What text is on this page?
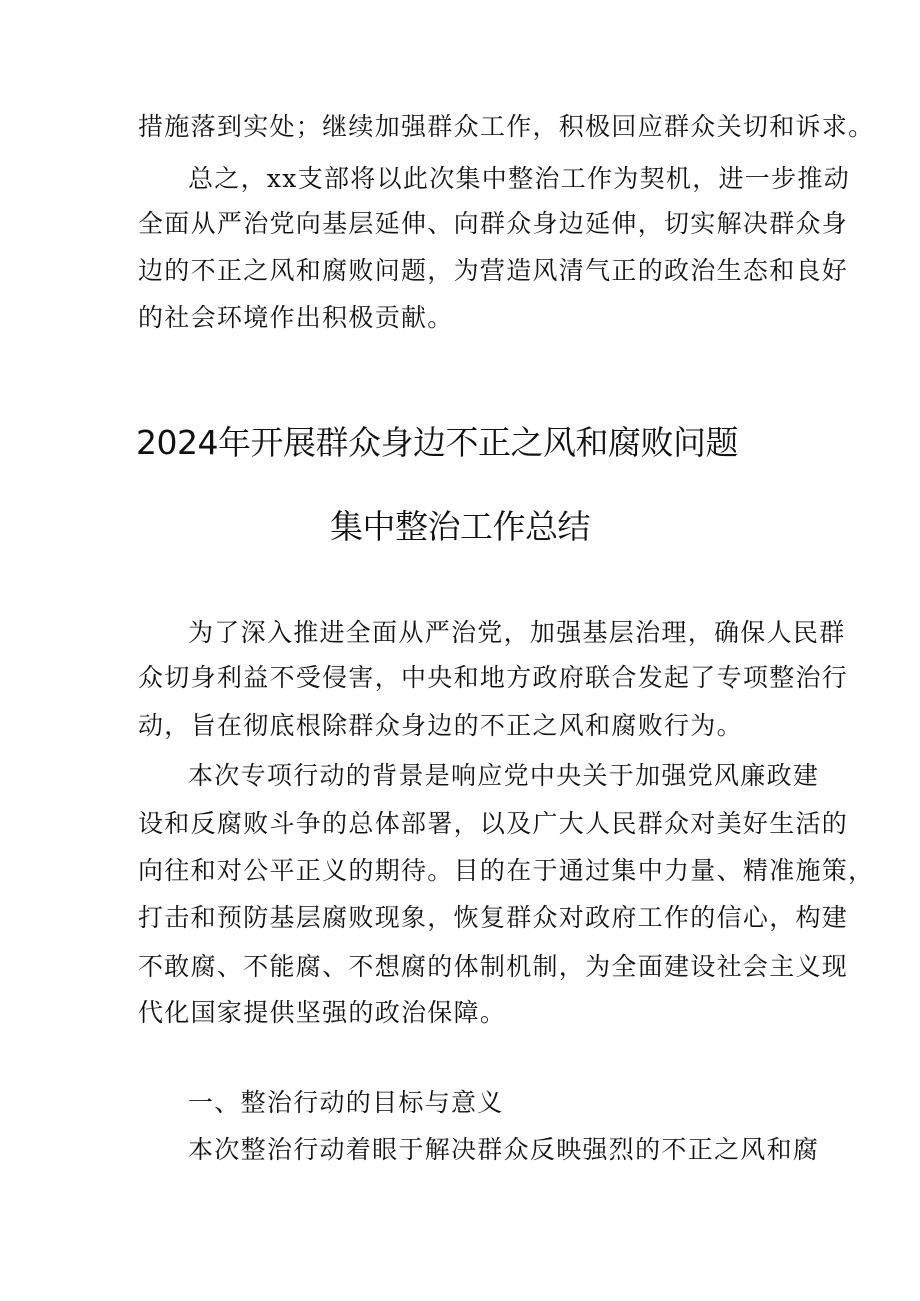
措施落到实处；继续加强群众工作，积极回应群众关切和诉求。
总之，xx支部将以此次集中整治工作为契机，进一步推动
全面从严治党向基层延伸、向群众身边延伸，切实解决群众身
边的不正之风和腐败问题，为营造风清气正的政治生态和良好
的社会环境作出积极贡献。
2024年开展群众身边不正之风和腐败问题
集中整治工作总结
为了深入推进全面从严治党，加强基层治理，确保人民群
众切身利益不受侵害，中央和地方政府联合发起了专项整治行
动，旨在彻底根除群众身边的不正之风和腐败行为。
本次专项行动的背景是响应党中央关于加强党风廉政建
设和反腐败斗争的总体部署，以及广大人民群众对美好生活的
向往和对公平正义的期待。目的在于通过集中力量、精准施策，
打击和预防基层腐败现象，恢复群众对政府工作的信心，构建
不敢腐、不能腐、不想腐的体制机制，为全面建设社会主义现
代化国家提供坚强的政治保障。
一、整治行动的目标与意义
本次整治行动着眼于解决群众反映强烈的不正之风和腐
